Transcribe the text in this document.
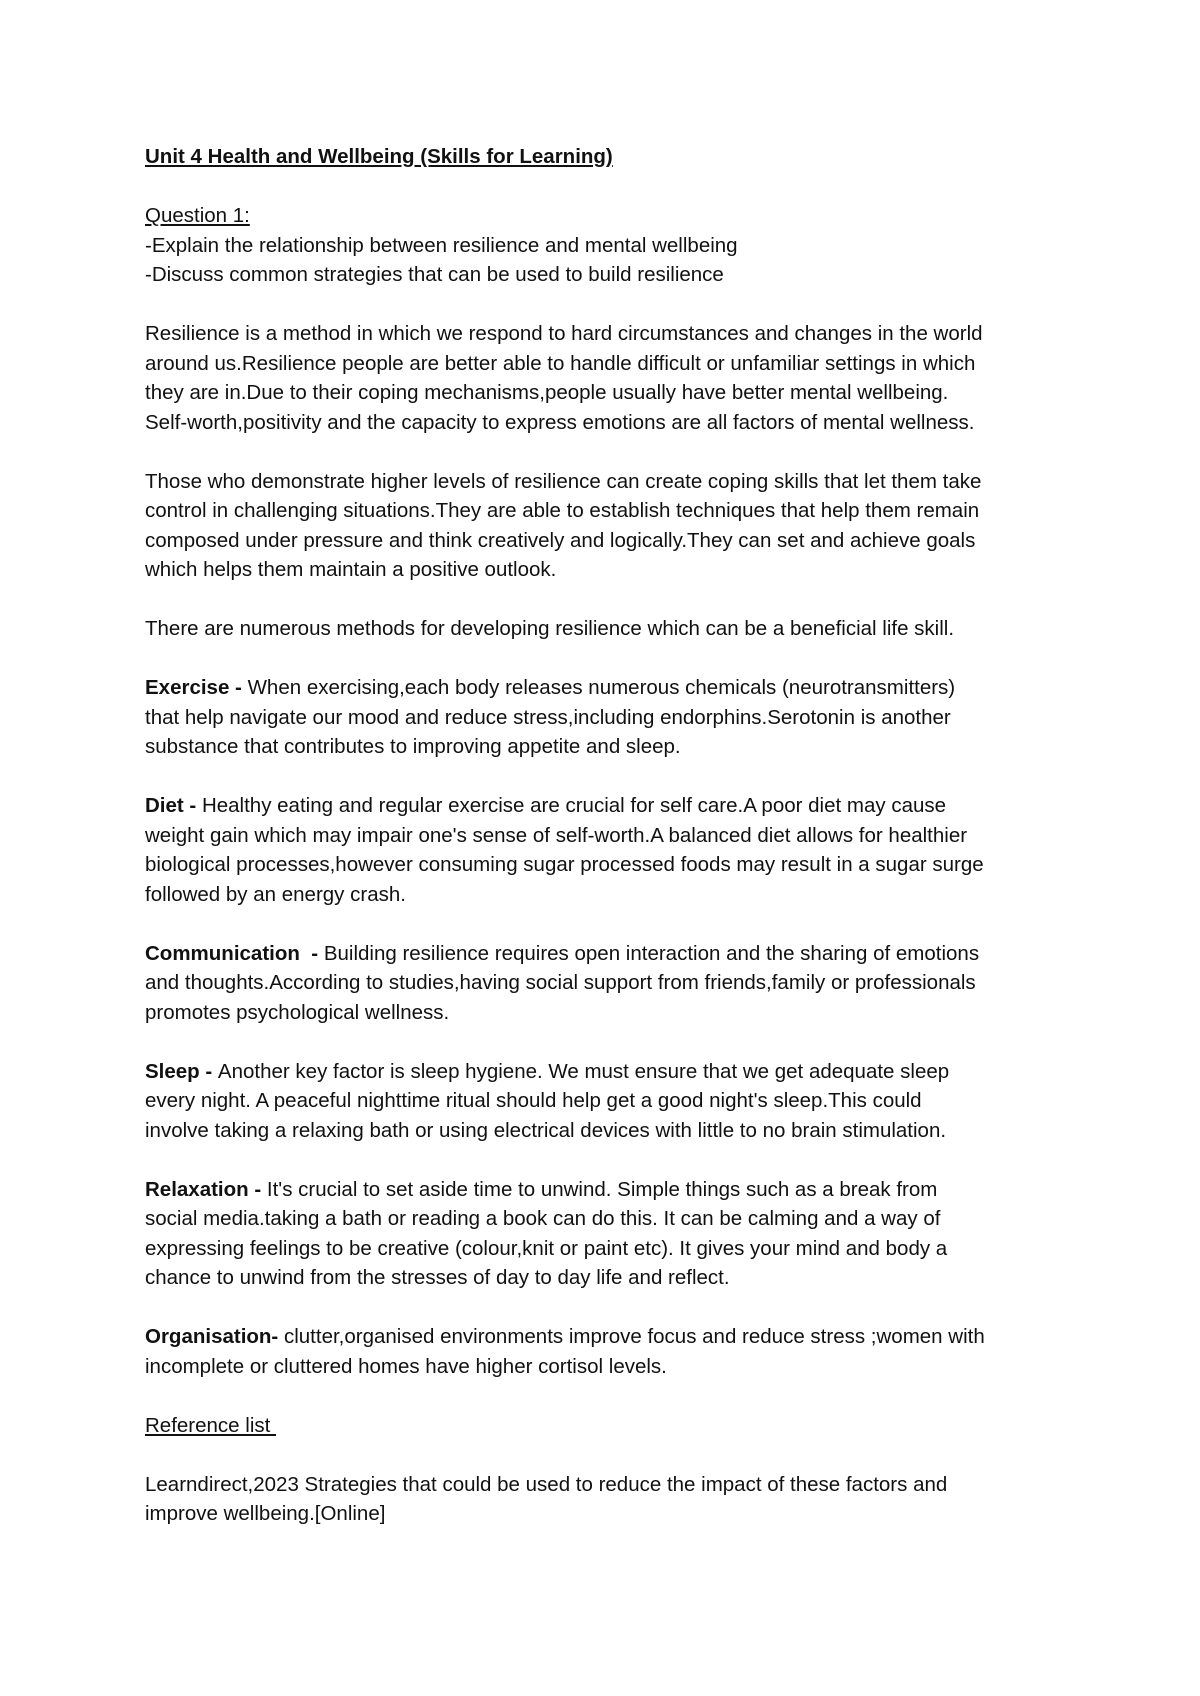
Unit 4 Health and Wellbeing (Skills for Learning)

Question 1:

-Explain the relationship between resilience and mental wellbeing

-Discuss common strategies that can be used to build resilience

Resilience is a method in which we respond to hard circumstances and changes in the world
around us.Resilience people are better able to handle difficult or unfamiliar settings in which
they are in.Due to their coping mechanisms,people usually have better mental wellbeing.
Self-worth,positivity and the capacity to express emotions are all factors of mental wellness.
Those who demonstrate higher levels of resilience can create coping skills that let them take
control in challenging situations.They are able to establish techniques that help them remain
composed under pressure and think creatively and logically.They can set and achieve goals
which helps them maintain a positive outlook.
There are numerous methods for developing resilience which can be a beneficial life skill.
Exercise - When exercising,each body releases numerous chemicals (neurotransmitters)
that help navigate our mood and reduce stress,including endorphins.Serotonin is another
substance that contributes to improving appetite and sleep.
Diet - Healthy eating and regular exercise are crucial for self care.A poor diet may cause
weight gain which may impair one's sense of self-worth.A balanced diet allows for healthier
biological processes,however consuming sugar processed foods may result in a sugar surge
followed by an energy crash.
Communication  - Building resilience requires open interaction and the sharing of emotions
and thoughts.According to studies,having social support from friends,family or professionals
promotes psychological wellness.
Sleep - Another key factor is sleep hygiene. We must ensure that we get adequate sleep
every night. A peaceful nighttime ritual should help get a good night's sleep.This could
involve taking a relaxing bath or using electrical devices with little to no brain stimulation.
Relaxation - It's crucial to set aside time to unwind. Simple things such as a break from
social media.taking a bath or reading a book can do this. It can be calming and a way of
expressing feelings to be creative (colour,knit or paint etc). It gives your mind and body a
chance to unwind from the stresses of day to day life and reflect.
Organisation- clutter,organised environments improve focus and reduce stress ;women with
incomplete or cluttered homes have higher cortisol levels.

Reference list

Learndirect,2023 Strategies that could be used to reduce the impact of these factors and
improve wellbeing.[Online]
